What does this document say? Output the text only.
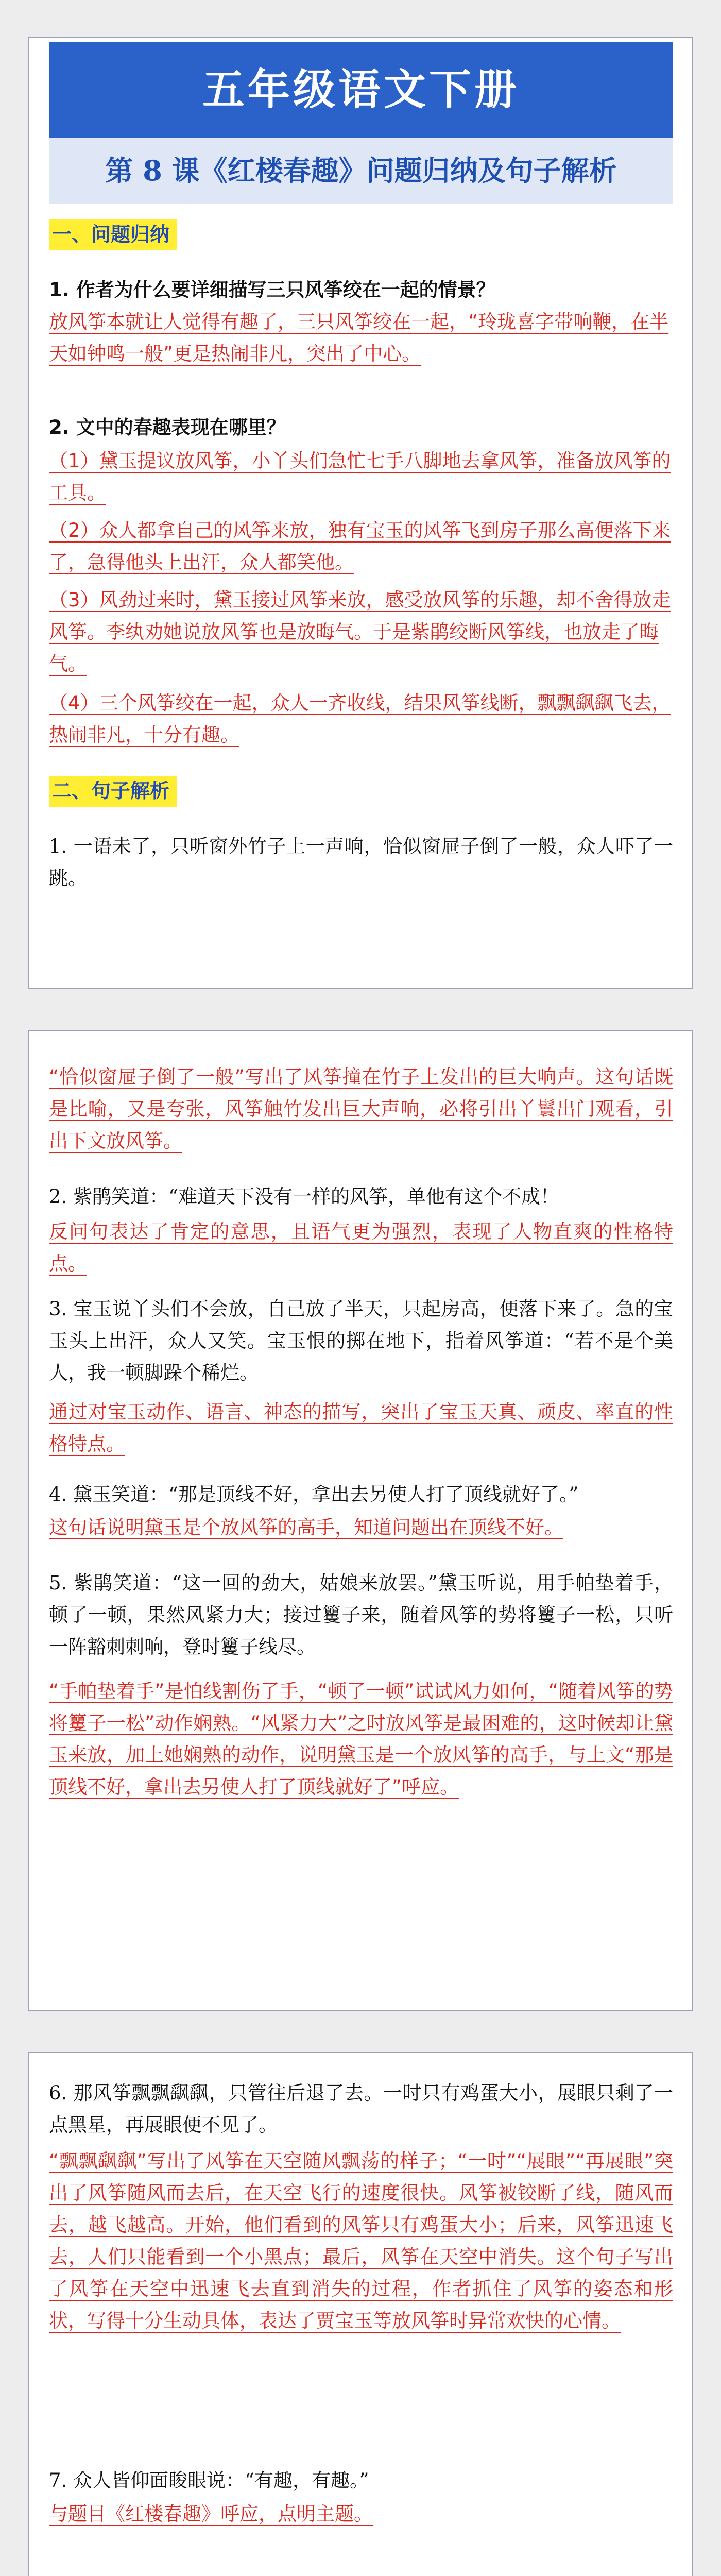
五年级语文下册
第 8 课《红楼春趣》问题归纳及句子解析
一、问题归纳
1. 作者为什么要详细描写三只风筝绞在一起的情景？
放风筝本就让人觉得有趣了，三只风筝绞在一起，“玲珑喜字带响鞭，在半天如钟鸣一般”更是热闹非凡，突出了中心。
2. 文中的春趣表现在哪里？
（1）黛玉提议放风筝，小丫头们急忙七手八脚地去拿风筝，准备放风筝的工具。
（2）众人都拿自己的风筝来放，独有宝玉的风筝飞到房子那么高便落下来了，急得他头上出汗，众人都笑他。
（3）风劲过来时，黛玉接过风筝来放，感受放风筝的乐趣，却不舍得放走风筝。李纨劝她说放风筝也是放晦气。于是紫鹃绞断风筝线，也放走了晦气。
（4）三个风筝绞在一起，众人一齐收线，结果风筝线断，飘飘飖飖飞去，热闹非凡，十分有趣。
二、句子解析
1. 一语未了，只听窗外竹子上一声响，恰似窗屉子倒了一般，众人吓了一跳。
“恰似窗屉子倒了一般”写出了风筝撞在竹子上发出的巨大响声。这句话既是比喻，又是夸张，风筝触竹发出巨大声响，必将引出丫鬟出门观看，引出下文放风筝。
2. 紫鹃笑道：“难道天下没有一样的风筝，单他有这个不成！
反问句表达了肯定的意思，且语气更为强烈，表现了人物直爽的性格特点。
3. 宝玉说丫头们不会放，自己放了半天，只起房高，便落下来了。急的宝玉头上出汗，众人又笑。宝玉恨的掷在地下，指着风筝道：“若不是个美人，我一顿脚跺个稀烂。
通过对宝玉动作、语言、神态的描写，突出了宝玉天真、顽皮、率直的性格特点。
4. 黛玉笑道：“那是顶线不好，拿出去另使人打了顶线就好了。”
这句话说明黛玉是个放风筝的高手，知道问题出在顶线不好。
5. 紫鹃笑道：“这一回的劲大，姑娘来放罢。”黛玉听说，用手帕垫着手，顿了一顿，果然风紧力大；接过籰子来，随着风筝的势将籰子一松，只听一阵豁刺刺响，登时籰子线尽。
“手帕垫着手”是怕线割伤了手，“顿了一顿”试试风力如何，“随着风筝的势将籰子一松”动作娴熟。“风紧力大”之时放风筝是最困难的，这时候却让黛玉来放，加上她娴熟的动作，说明黛玉是一个放风筝的高手，与上文“那是顶线不好，拿出去另使人打了顶线就好了”呼应。
6. 那风筝飘飘飖飖，只管往后退了去。一时只有鸡蛋大小，展眼只剩了一点黑星，再展眼便不见了。
“飘飘飖飖”写出了风筝在天空随风飘荡的样子；“一时”“展眼”“再展眼”突出了风筝随风而去后，在天空飞行的速度很快。风筝被铰断了线，随风而去，越飞越高。开始，他们看到的风筝只有鸡蛋大小；后来，风筝迅速飞去，人们只能看到一个小黑点；最后，风筝在天空中消失。这个句子写出了风筝在天空中迅速飞去直到消失的过程，作者抓住了风筝的姿态和形状，写得十分生动具体，表达了贾宝玉等放风筝时异常欢快的心情。
7. 众人皆仰面睃眼说：“有趣，有趣。”
与题目《红楼春趣》呼应，点明主题。
